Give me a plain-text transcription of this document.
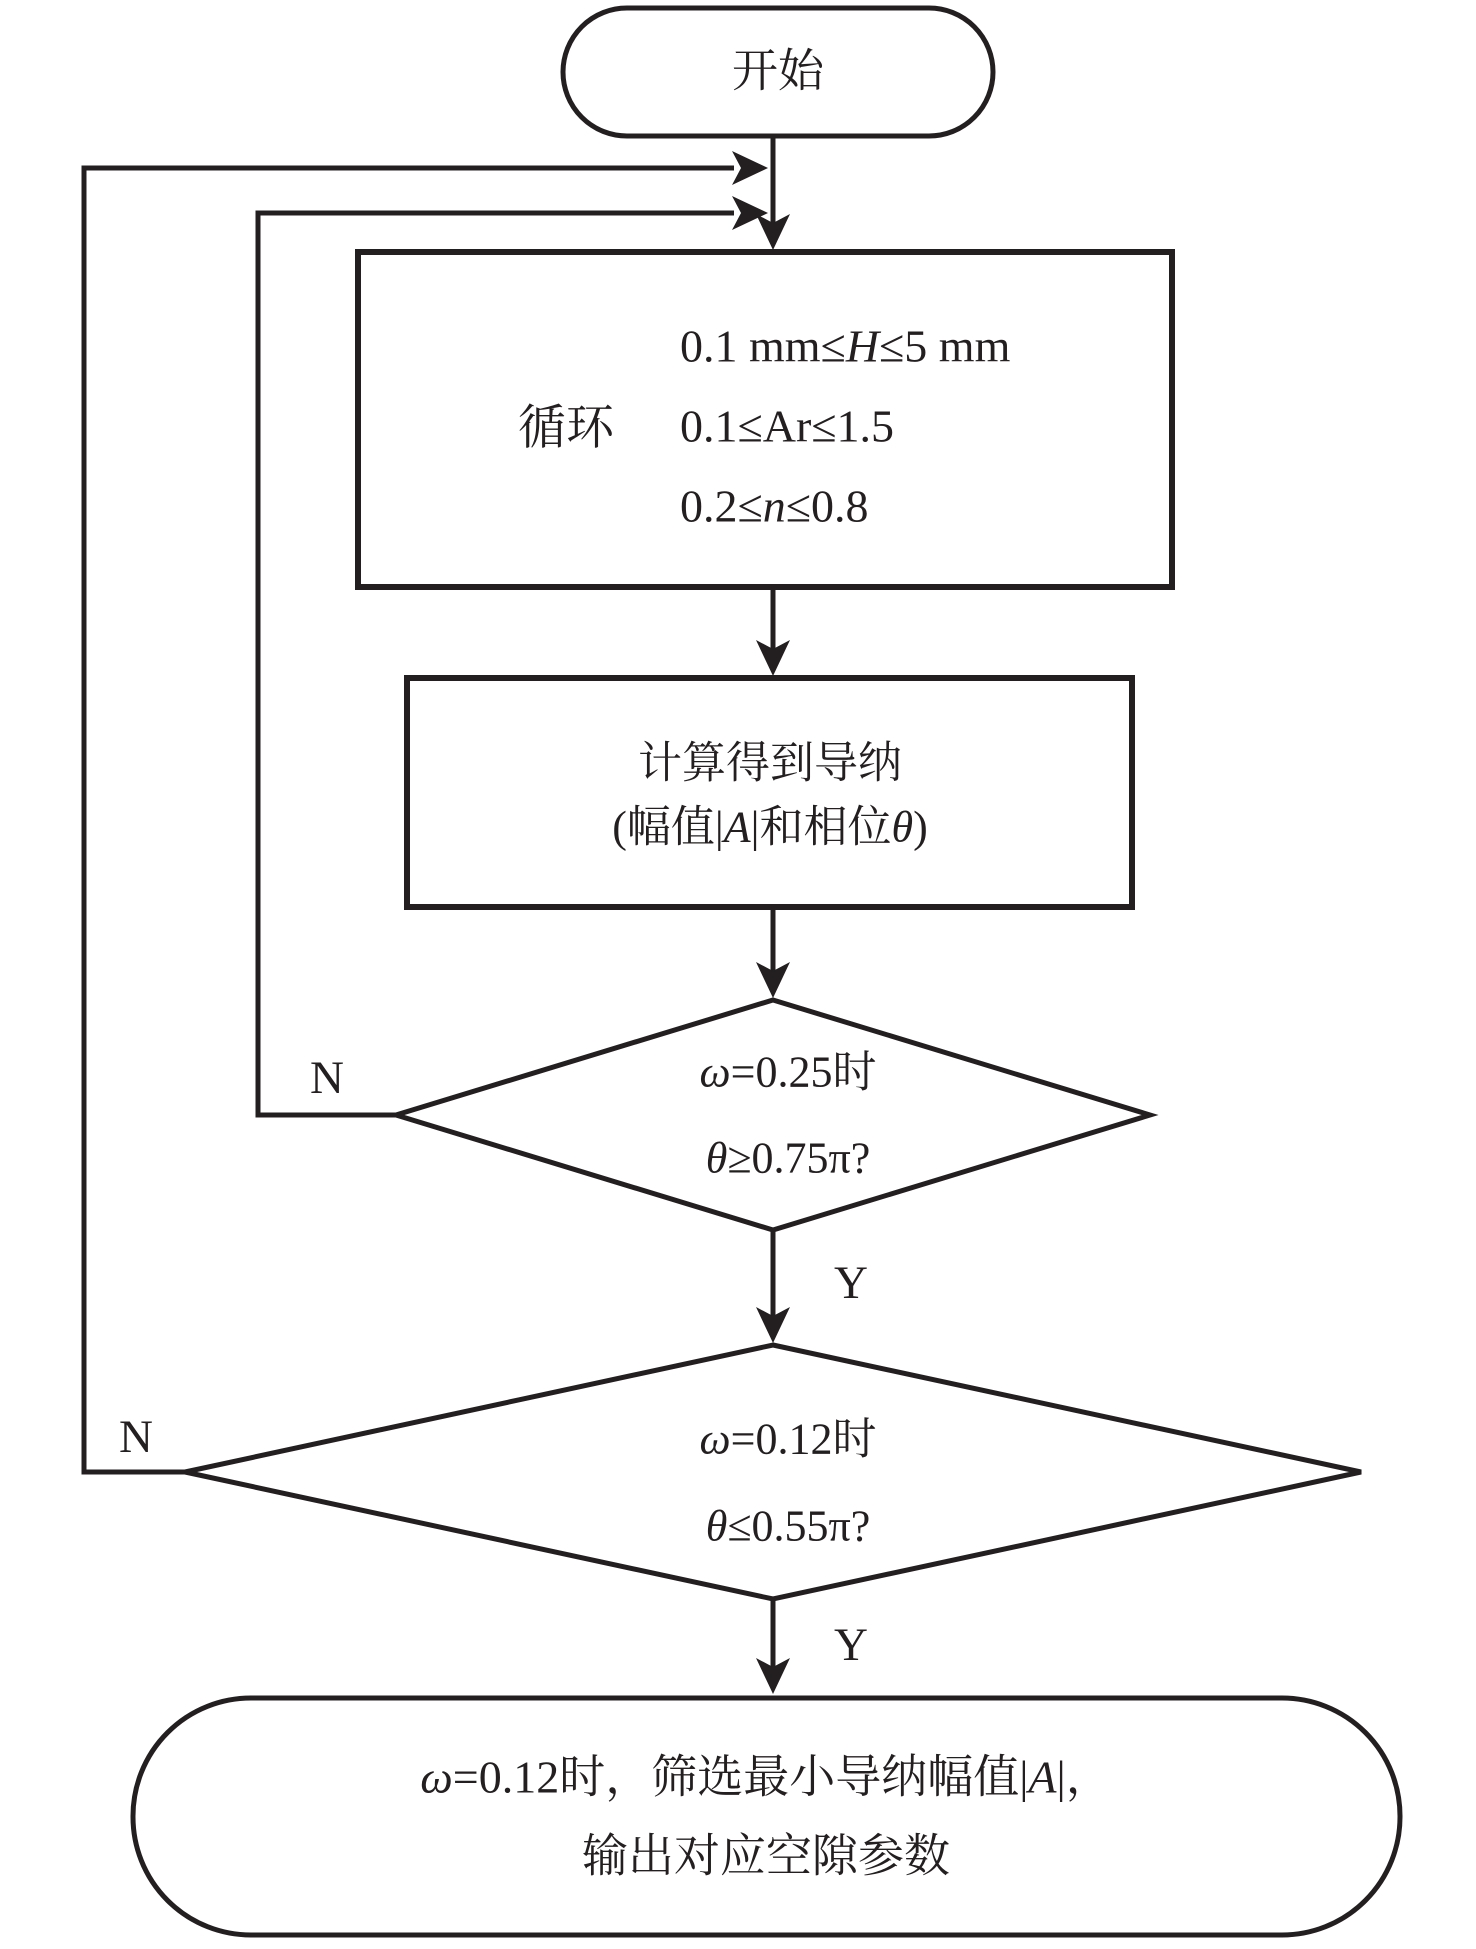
开始
循环
0.1 mm≤H≤5 mm
0.1≤Ar≤1.5
0.2≤n≤0.8
计算得到导纳
(幅值|A|和相位θ)
ω=0.25时
θ≥0.75π?
N
Y
ω=0.12时
θ≤0.55π?
N
Y
ω=0.12时，筛选最小导纳幅值|A|，
输出对应空隙参数
